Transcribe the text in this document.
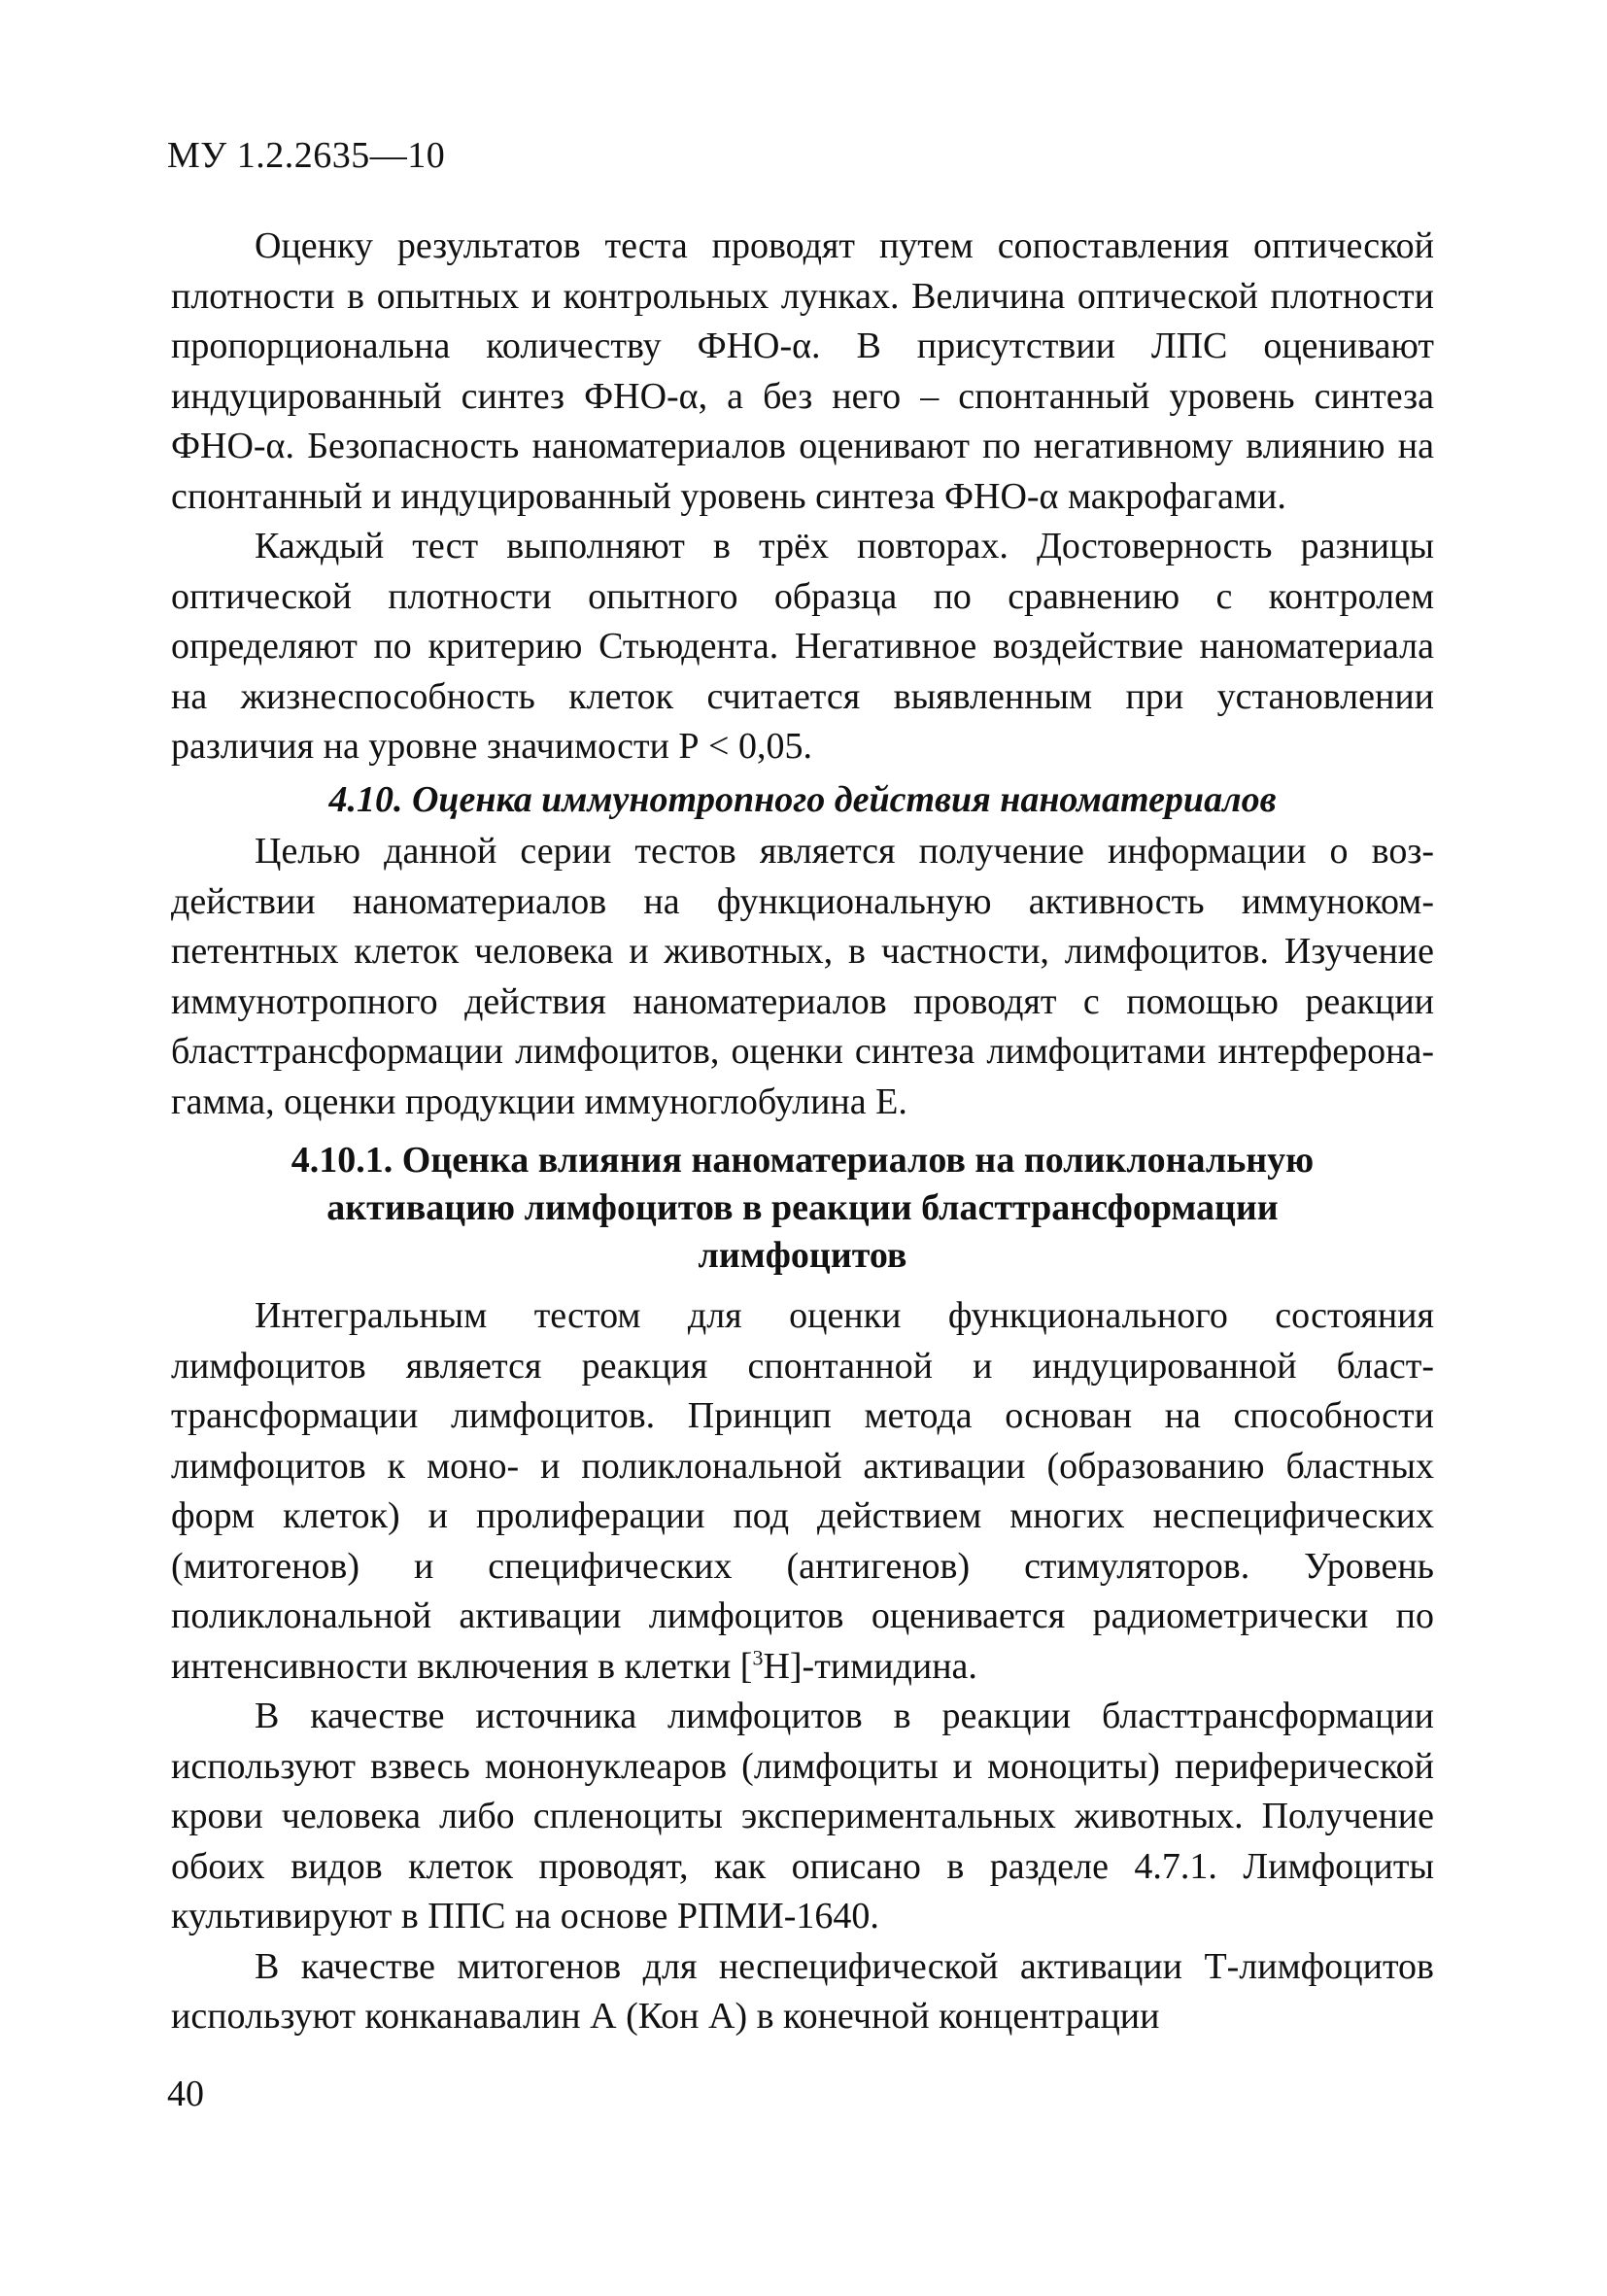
МУ 1.2.2635—10

Оценку результатов теста проводят путем сопоставления оптической плотности в опытных и контрольных лунках. Величина оптической плотности пропорциональна количеству ФНО-α. В присутствии ЛПС оценивают индуцированный синтез ФНО-α, а без него – спонтанный уровень синтеза ФНО-α. Безопасность наноматериалов оценивают по негативному влиянию на спонтанный и индуцированный уровень синтеза ФНО-α макрофагами.

Каждый тест выполняют в трёх повторах. Достоверность разницы оптической плотности опытного образца по сравнению с контролем определяют по критерию Стьюдента. Негативное воздействие наноматериала на жизнеспособность клеток считается выявленным при установлении различия на уровне значимости Р < 0,05.

4.10. Оценка иммунотропного действия наноматериалов

Целью данной серии тестов является получение информации о воздействии наноматериалов на функциональную активность иммунокомпетентных клеток человека и животных, в частности, лимфоцитов. Изучение иммунотропного действия наноматериалов проводят с помощью реакции бласттрансформации лимфоцитов, оценки синтеза лимфоцитами интерферона-гамма, оценки продукции иммуноглобулина Е.

4.10.1. Оценка влияния наноматериалов на поликлональную
активацию лимфоцитов в реакции бласттрансформации
лимфоцитов

Интегральным тестом для оценки функционального состояния лимфоцитов является реакция спонтанной и индуцированной бласттрансформации лимфоцитов. Принцип метода основан на способности лимфоцитов к моно- и поликлональной активации (образованию бластных форм клеток) и пролиферации под действием многих неспецифических (митогенов) и специфических (антигенов) стимуляторов. Уровень поликлональной активации лимфоцитов оценивается радиометрически по интенсивности включения в клетки [$^3$Н]-тимидина.

В качестве источника лимфоцитов в реакции бласттрансформации используют взвесь мононуклеаров (лимфоциты и моноциты) периферической крови человека либо спленоциты экспериментальных животных. Получение обоих видов клеток проводят, как описано в разделе 4.7.1. Лимфоциты культивируют в ППС на основе РПМИ-1640.

В качестве митогенов для неспецифической активации Т-лимфоцитов используют конканавалин А (Кон А) в конечной концентрации

40
